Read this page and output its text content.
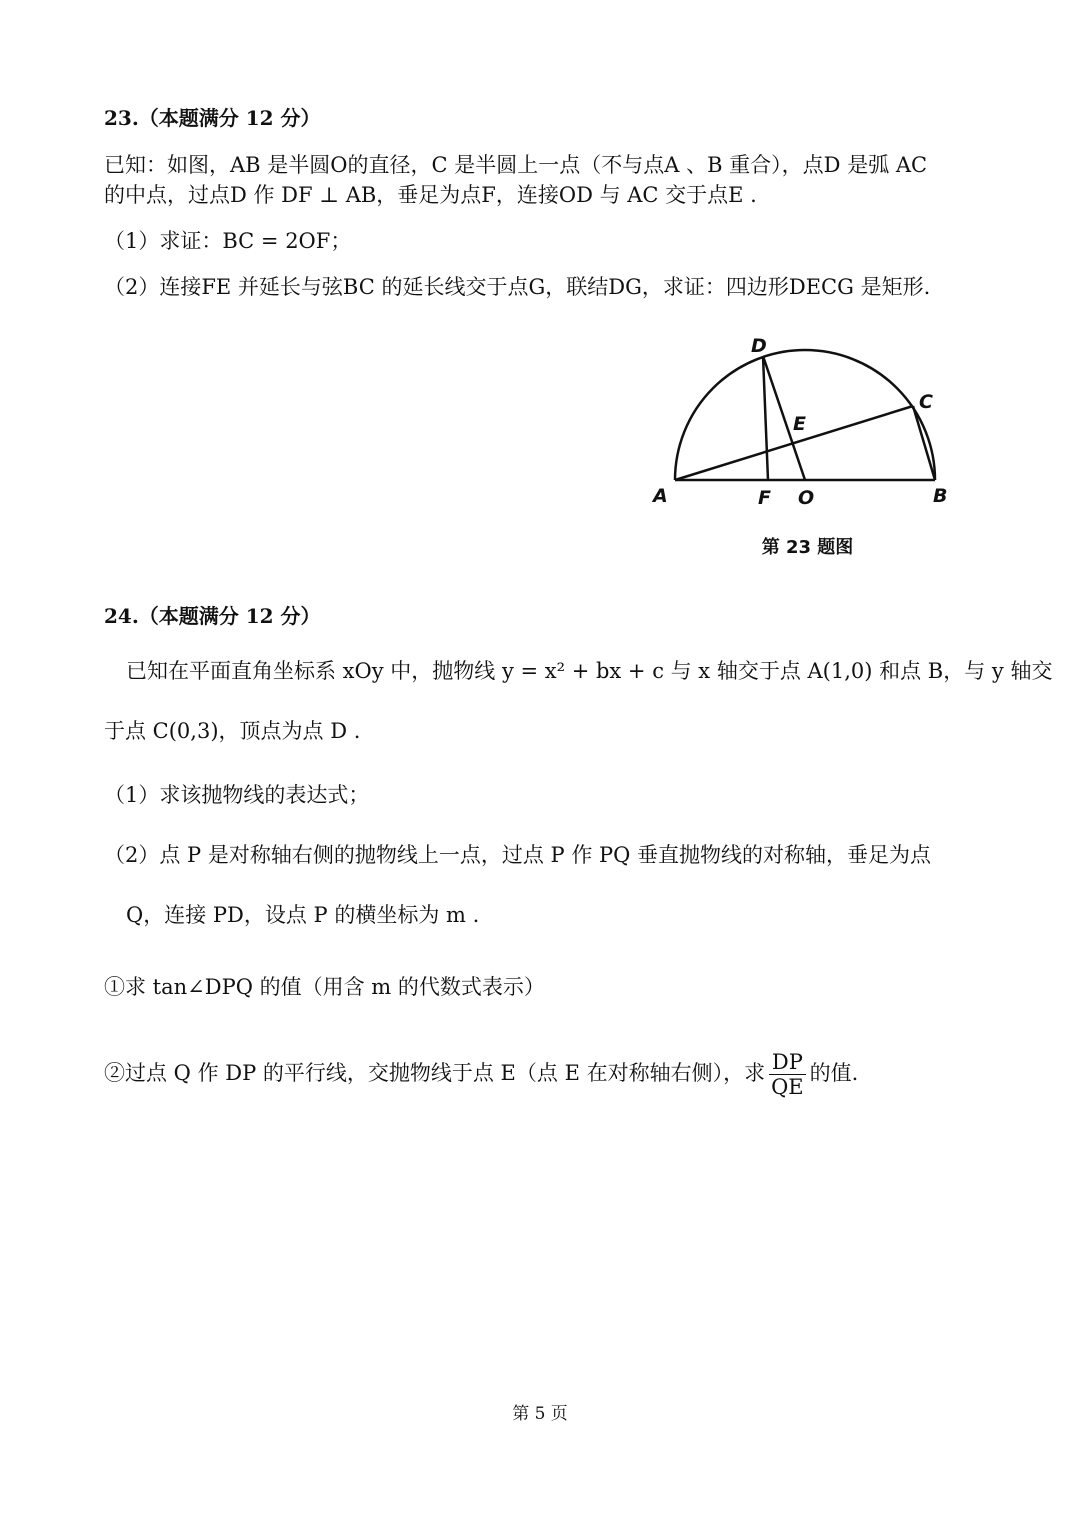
23.（本题满分 12 分）
已知：如图，AB 是半圆O的直径，C 是半圆上一点（不与点A 、B 重合），点D 是弧 AC
的中点，过点D 作 DF ⊥ AB，垂足为点F，连接OD 与 AC 交于点E .
（1）求证：BC = 2OF；
（2）连接FE 并延长与弦BC 的延长线交于点G，联结DG，求证：四边形DECG 是矩形.
D
C
E
A	F O	B
第 23 题图
24.（本题满分 12 分）
已知在平面直角坐标系 xOy 中，抛物线 y = x² + bx + c 与 x 轴交于点 A(1,0) 和点 B，与 y 轴交
于点 C(0,3)，顶点为点 D .
（1）求该抛物线的表达式；
（2）点 P 是对称轴右侧的抛物线上一点，过点 P 作 PQ 垂直抛物线的对称轴，垂足为点
Q，连接 PD，设点 P 的横坐标为 m .
①求 tan∠DPQ 的值（用含 m 的代数式表示）
②过点 Q 作 DP 的平行线，交抛物线于点 E（点 E 在对称轴右侧），求 $\frac{DP}{QE}$ 的值.
第 5 页
